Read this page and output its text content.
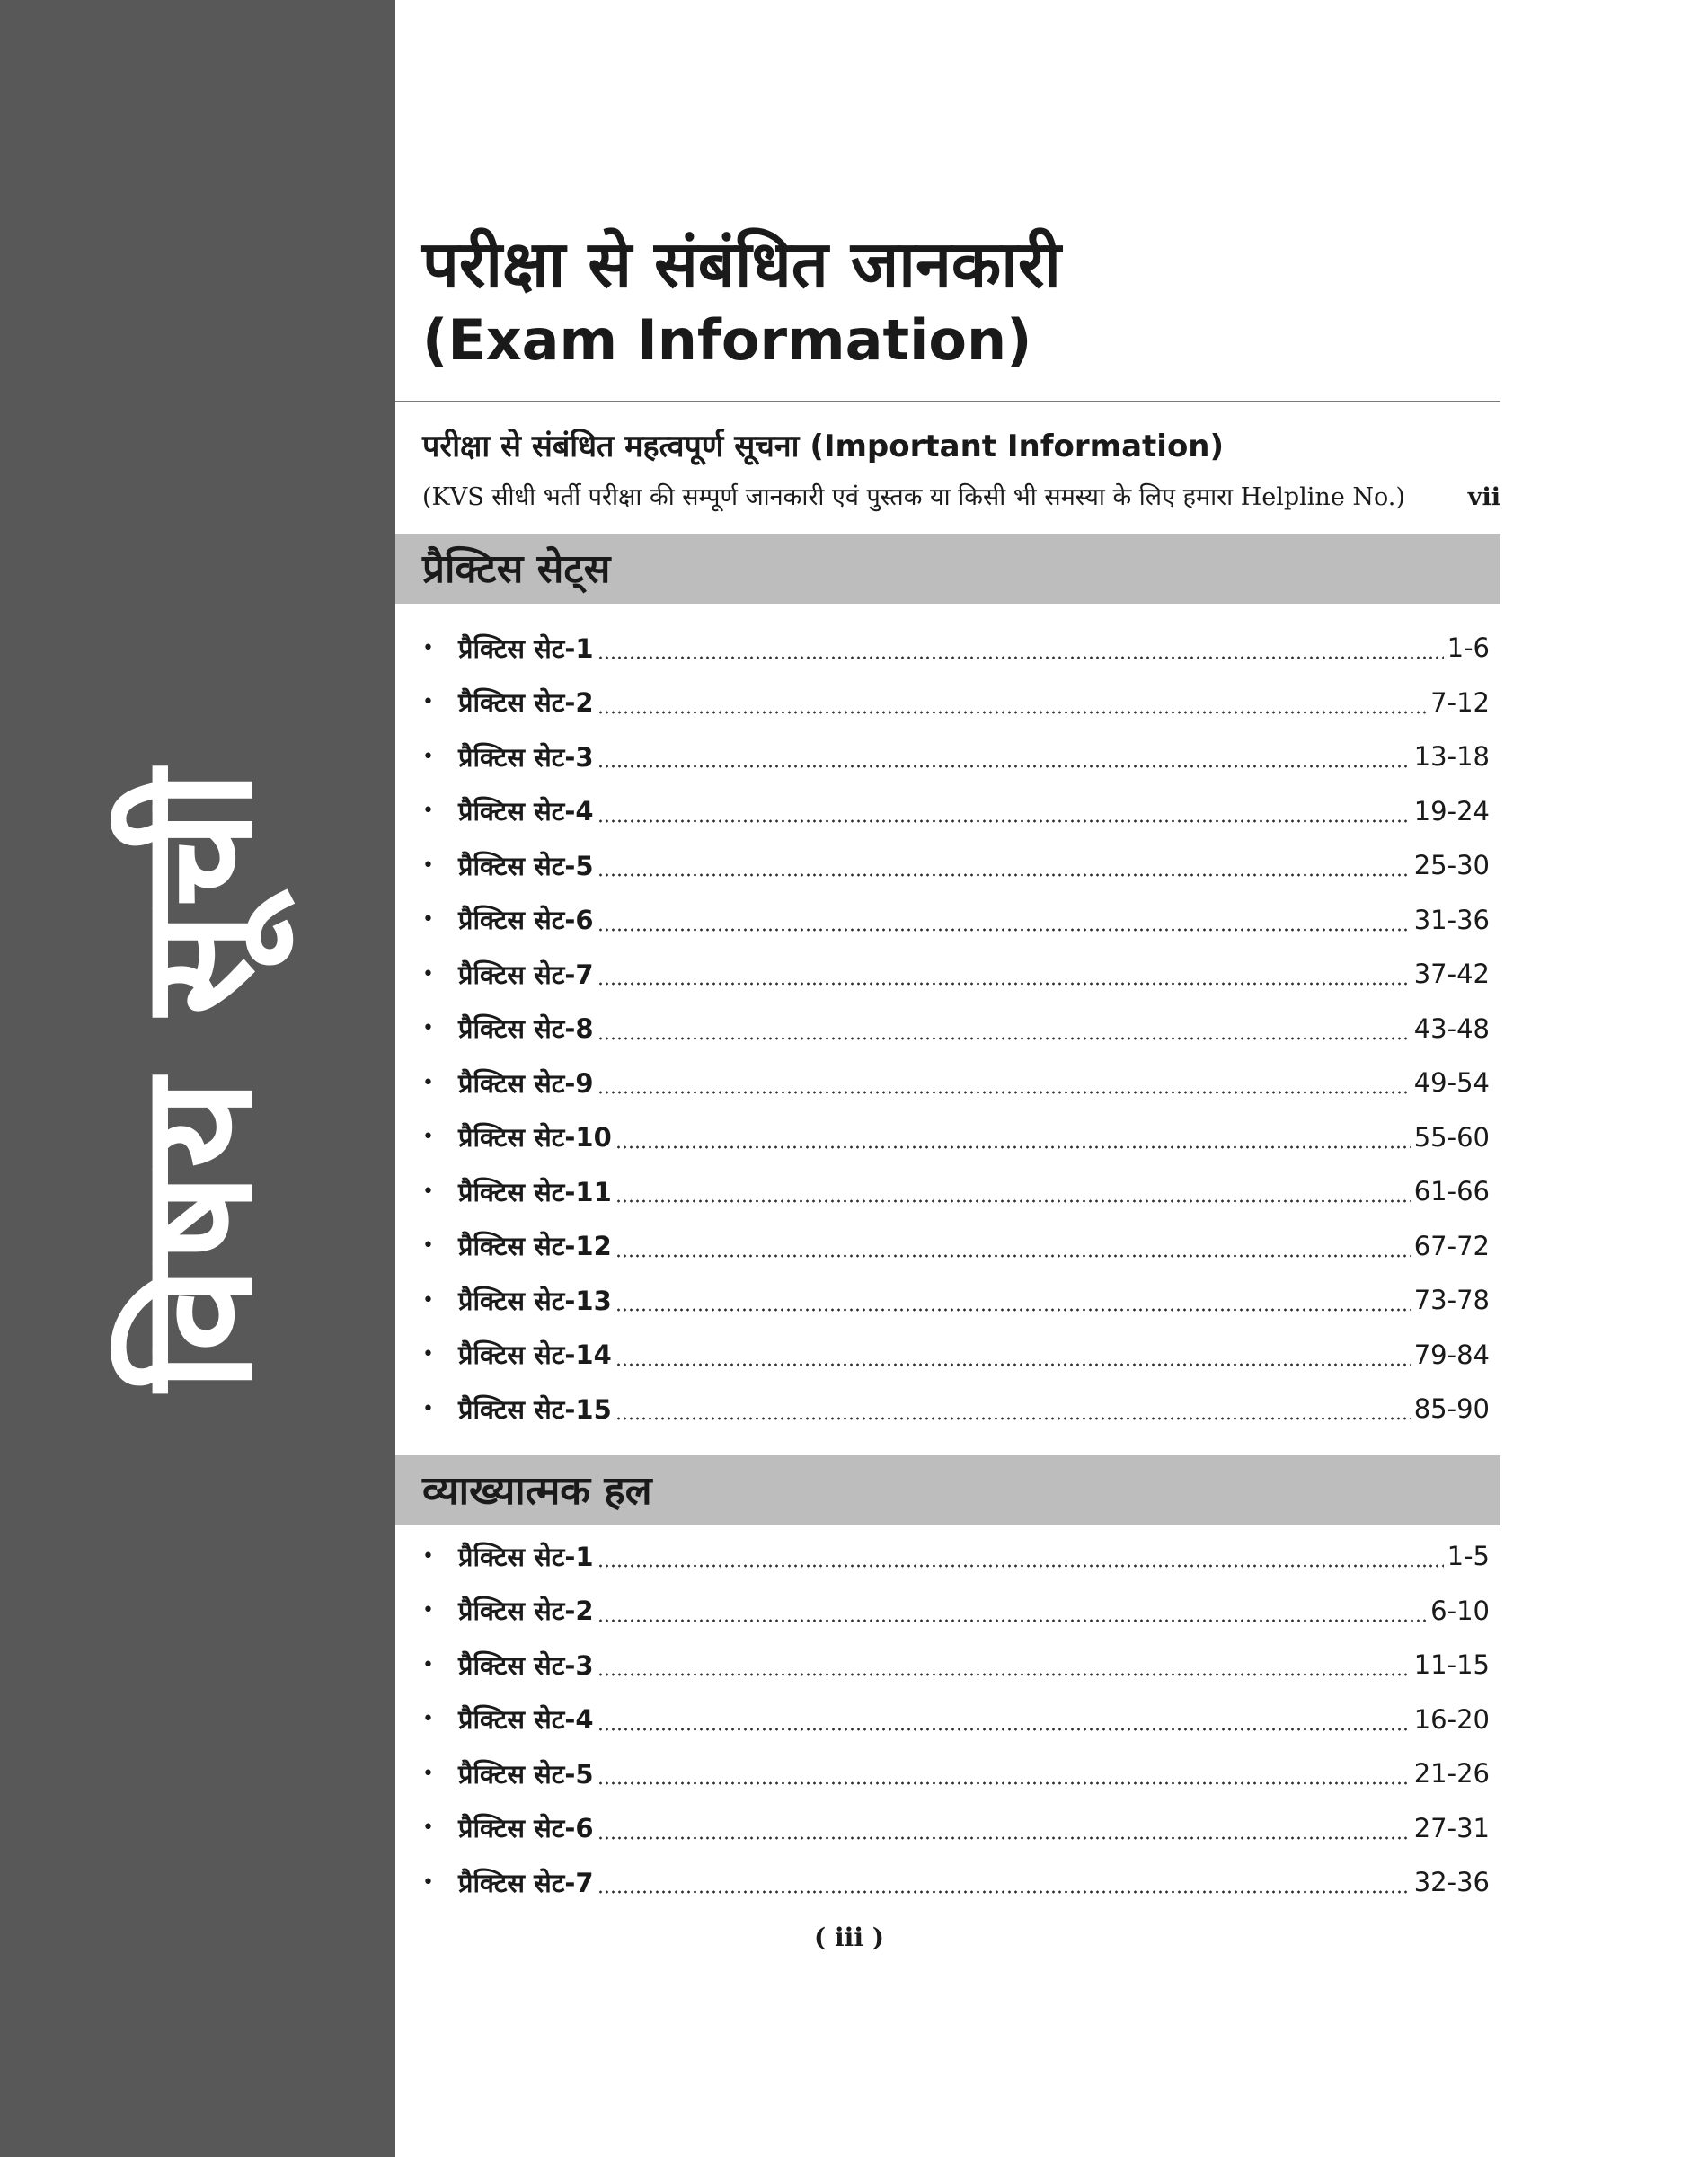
विषय सूची
परीक्षा से संबंधित जानकारी
(Exam Information)
परीक्षा से संबंधित महत्वपूर्ण सूचना (Important Information)
(KVS सीधी भर्ती परीक्षा की सम्पूर्ण जानकारी एवं पुस्तक या किसी भी समस्या के लिए हमारा Helpline No.)	vii
प्रैक्टिस सेट्स
• प्रैक्टिस सेट-1	1-6
• प्रैक्टिस सेट-2	7-12
• प्रैक्टिस सेट-3	13-18
• प्रैक्टिस सेट-4	19-24
• प्रैक्टिस सेट-5	25-30
• प्रैक्टिस सेट-6	31-36
• प्रैक्टिस सेट-7	37-42
• प्रैक्टिस सेट-8	43-48
• प्रैक्टिस सेट-9	49-54
• प्रैक्टिस सेट-10	55-60
• प्रैक्टिस सेट-11	61-66
• प्रैक्टिस सेट-12	67-72
• प्रैक्टिस सेट-13	73-78
• प्रैक्टिस सेट-14	79-84
• प्रैक्टिस सेट-15	85-90
व्याख्यात्मक हल
• प्रैक्टिस सेट-1	1-5
• प्रैक्टिस सेट-2	6-10
• प्रैक्टिस सेट-3	11-15
• प्रैक्टिस सेट-4	16-20
• प्रैक्टिस सेट-5	21-26
• प्रैक्टिस सेट-6	27-31
• प्रैक्टिस सेट-7	32-36
( iii )
